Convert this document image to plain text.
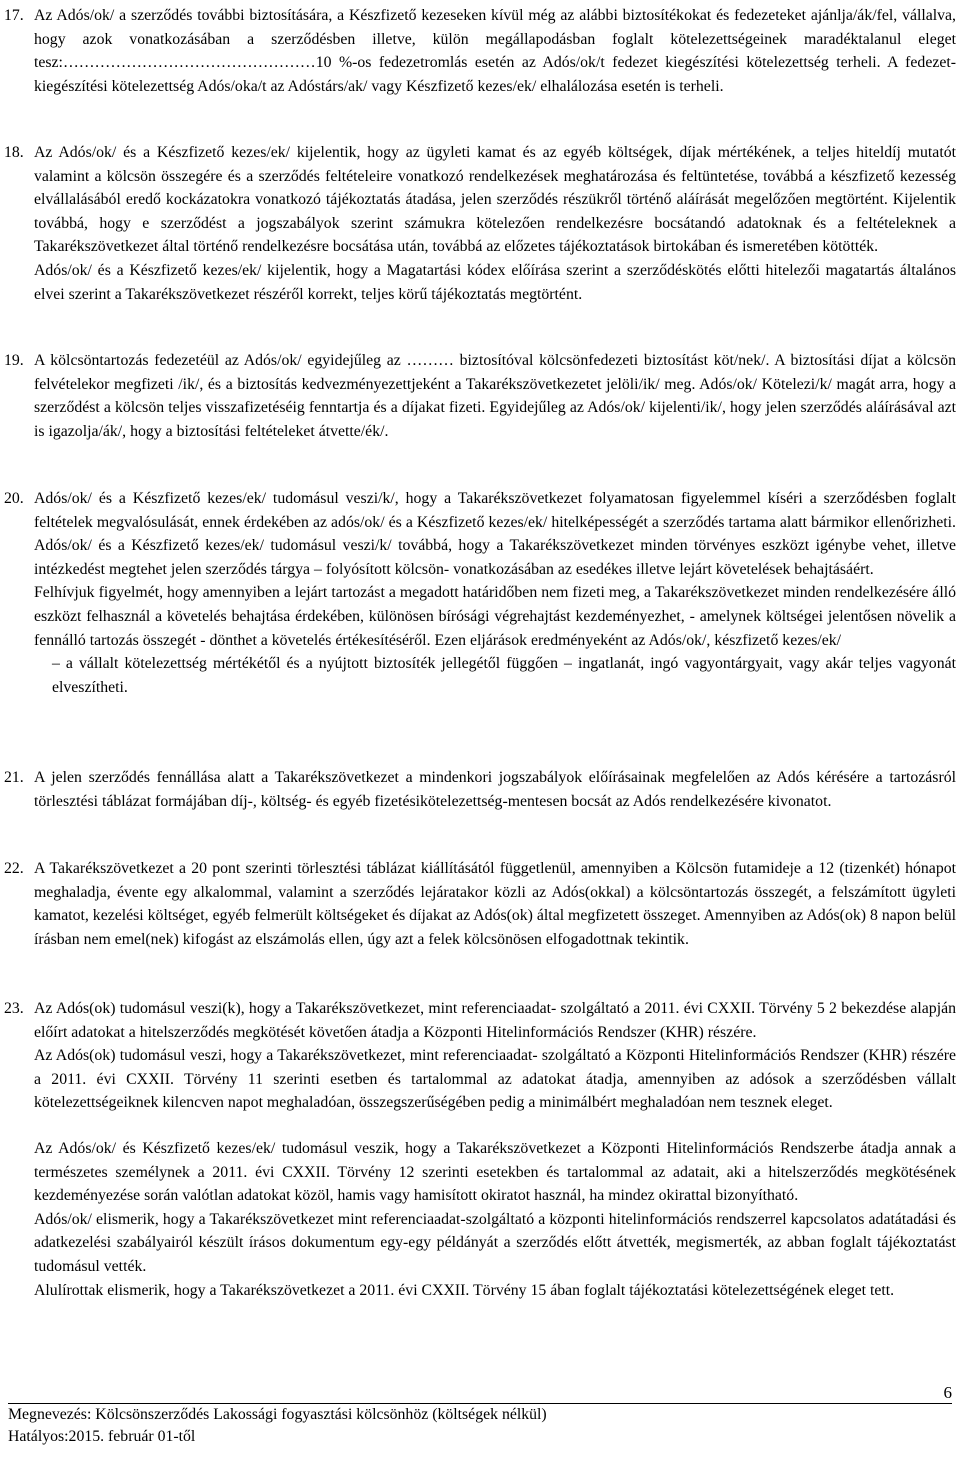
17. Az Adós/ok/ a szerződés további biztosítására, a Készfizető kezeseken kívül még az alábbi biztosítékokat és fedezeteket ajánlja/ák/fel, vállalva, hogy azok vonatkozásában a szerződésben illetve, külön megállapodásban foglalt kötelezettségeinek maradéktalanul eleget tesz:…………………………………………10 %-os fedezetromlás esetén az Adós/ok/t fedezet kiegészítési kötelezettség terheli. A fedezet-kiegészítési kötelezettség Adós/oka/t az Adóstárs/ak/ vagy Készfizető kezes/ek/ elhalálozása esetén is terheli.
18. Az Adós/ok/ és a Készfizető kezes/ek/ kijelentik, hogy az ügyleti kamat és az egyéb költségek, díjak mértékének, a teljes hiteldíj mutatót valamint a kölcsön összegére és a szerződés feltételeire vonatkozó rendelkezések meghatározása és feltüntetése, továbbá a készfizető kezesség elvállalásából eredő kockázatokra vonatkozó tájékoztatás átadása, jelen szerződés részükről történő aláírását megelőzően megtörtént. Kijelentik továbbá, hogy e szerződést a jogszabályok szerint számukra kötelezően rendelkezésre bocsátandó adatoknak és a feltételeknek a Takarékszövetkezet által történő rendelkezésre bocsátása után, továbbá az előzetes tájékoztatások birtokában és ismeretében kötötték.
Adós/ok/ és a Készfizető kezes/ek/ kijelentik, hogy a Magatartási kódex előírása szerint a szerződéskötés előtti hitelezői magatartás általános elvei szerint a Takarékszövetkezet részéről korrekt, teljes körű tájékoztatás megtörtént.
19. A kölcsöntartozás fedezetéül az Adós/ok/ egyidejűleg az ……… biztosítóval kölcsönfedezeti biztosítást köt/nek/. A biztosítási díjat a kölcsön felvételekor megfizeti /ik/, és a biztosítás kedvezményezettjeként a Takarékszövetkezetet jelöli/ik/ meg. Adós/ok/ Kötelezi/k/ magát arra, hogy a szerződést a kölcsön teljes visszafizetéséig fenntartja és a díjakat fizeti. Egyidejűleg az Adós/ok/ kijelenti/ik/, hogy jelen szerződés aláírásával azt is igazolja/ák/, hogy a biztosítási feltételeket átvette/ék/.
20. Adós/ok/ és a Készfizető kezes/ek/ tudomásul veszi/k/, hogy a Takarékszövetkezet folyamatosan figyelemmel kíséri a szerződésben foglalt feltételek megvalósulását, ennek érdekében az adós/ok/ és a Készfizető kezes/ek/ hitelképességét a szerződés tartama alatt bármikor ellenőrizheti. Adós/ok/ és a Készfizető kezes/ek/ tudomásul veszi/k/ továbbá, hogy a Takarékszövetkezet minden törvényes eszközt igénybe vehet, illetve intézkedést megtehet jelen szerződés tárgya – folyósított kölcsön- vonatkozásában az esedékes illetve lejárt követelések behajtásáért.
Felhívjuk figyelmét, hogy amennyiben a lejárt tartozást a megadott határidőben nem fizeti meg, a Takarékszövetkezet minden rendelkezésére álló eszközt felhasznál a követelés behajtása érdekében, különösen bírósági végrehajtást kezdeményezhet, - amelynek költségei jelentősen növelik a fennálló tartozás összegét - dönthet a követelés értékesítéséről. Ezen eljárások eredményeként az Adós/ok/, készfizető kezes/ek/
– a vállalt kötelezettség mértékétől és a nyújtott biztosíték jellegétől függően – ingatlanát, ingó vagyontárgyait, vagy akár teljes vagyonát elveszítheti.
21. A jelen szerződés fennállása alatt a Takarékszövetkezet a mindenkori jogszabályok előírásainak megfelelően az Adós kérésére a tartozásról törlesztési táblázat formájában díj-, költség- és egyéb fizetésikötelezettség-mentesen bocsát az Adós rendelkezésére kivonatot.
22. A Takarékszövetkezet a 20 pont szerinti törlesztési táblázat kiállításától függetlenül, amennyiben a Kölcsön futamideje a 12 (tizenkét) hónapot meghaladja, évente egy alkalommal, valamint a szerződés lejáratakor közli az Adós(okkal) a kölcsöntartozás összegét, a felszámított ügyleti kamatot, kezelési költséget, egyéb felmerült költségeket és díjakat az Adós(ok) által megfizetett összeget. Amennyiben az Adós(ok) 8 napon belül írásban nem emel(nek) kifogást az elszámolás ellen, úgy azt a felek kölcsönösen elfogadottnak tekintik.
23. Az Adós(ok) tudomásul veszi(k), hogy a Takarékszövetkezet, mint referenciaadat- szolgáltató a 2011. évi CXXII. Törvény 5 2 bekezdése alapján előírt adatokat a hitelszerződés megkötését követően átadja a Központi Hitelinformációs Rendszer (KHR) részére.
Az Adós(ok) tudomásul veszi, hogy a Takarékszövetkezet, mint referenciaadat- szolgáltató a Központi Hitelinformációs Rendszer (KHR) részére a 2011. évi CXXII. Törvény 11 szerinti esetben és tartalommal az adatokat átadja, amennyiben az adósok a szerződésben vállalt kötelezettségeiknek kilencven napot meghaladóan, összegszerűségében pedig a minimálbért meghaladóan nem tesznek eleget.
Az Adós/ok/ és Készfizető kezes/ek/ tudomásul veszik, hogy a Takarékszövetkezet a Központi Hitelinformációs Rendszerbe átadja annak a természetes személynek a 2011. évi CXXII. Törvény 12 szerinti esetekben és tartalommal az adatait, aki a hitelszerződés megkötésének kezdeményezése során valótlan adatokat közöl, hamis vagy hamisított okiratot használ, ha mindez okirattal bizonyítható.
Adós/ok/ elismerik, hogy a Takarékszövetkezet mint referenciaadat-szolgáltató a központi hitelinformációs rendszerrel kapcsolatos adatátadási és adatkezelési szabályairól készült írásos dokumentum egy-egy példányát a szerződés előtt átvették, megismerték, az abban foglalt tájékoztatást tudomásul vették.
Alulírottak elismerik, hogy a Takarékszövetkezet a 2011. évi CXXII. Törvény 15 ában foglalt tájékoztatási kötelezettségének eleget tett.
Megnevezés: Kölcsönszerződés Lakossági fogyasztási kölcsönhöz (költségek nélkül)
Hatályos:2015. február 01-től
6
